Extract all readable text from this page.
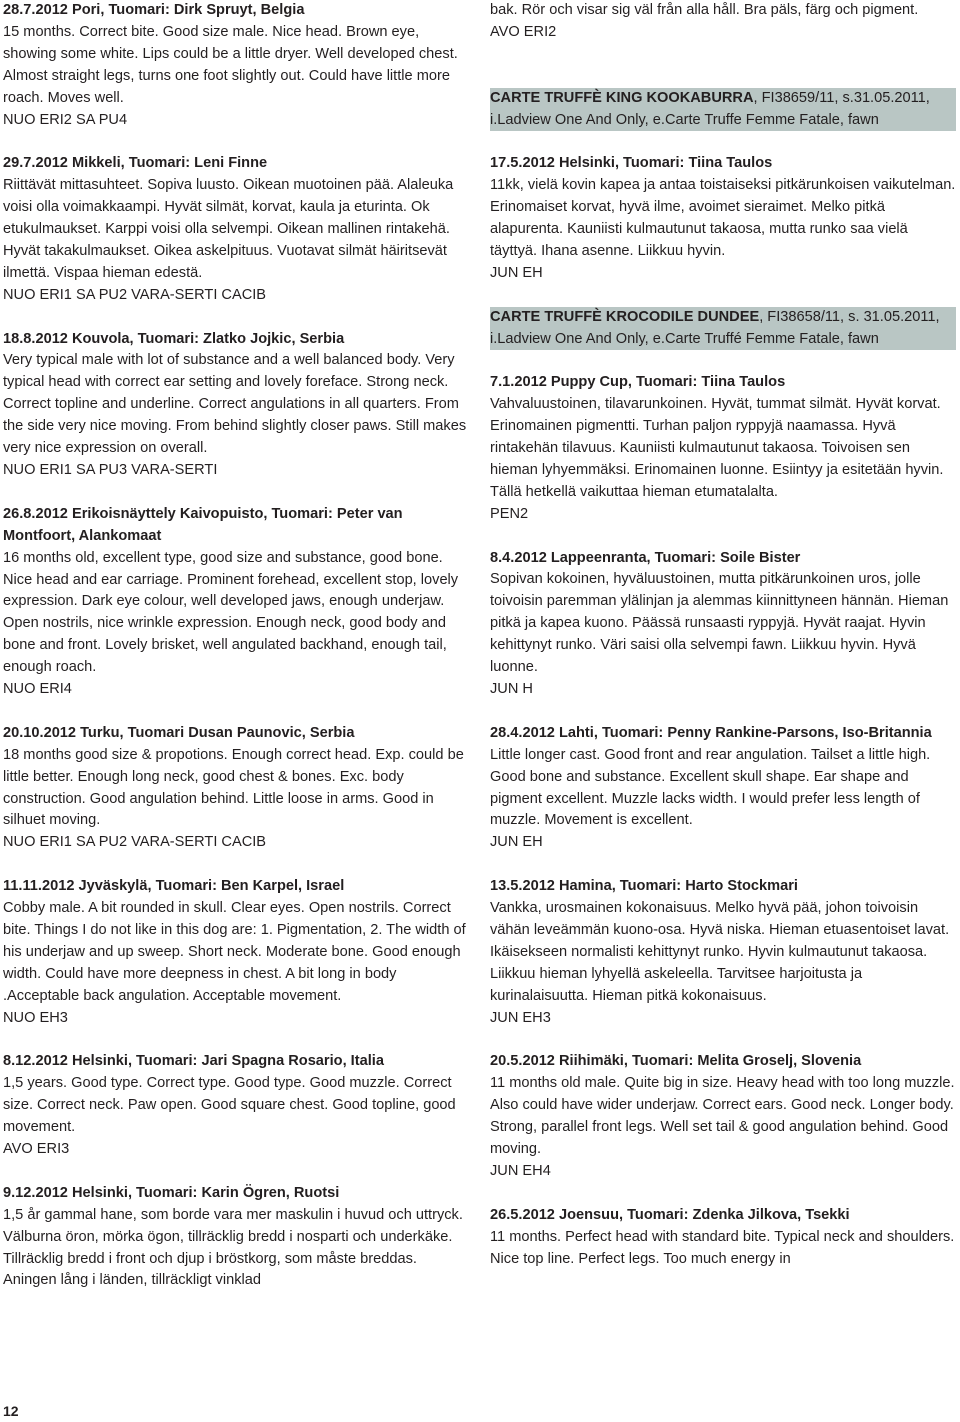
28.7.2012 Pori, Tuomari: Dirk Spruyt, Belgia
15 months. Correct bite. Good size male. Nice head. Brown eye, showing some white. Lips could be a little dryer. Well developed chest. Almost straight legs, turns one foot slightly out. Could have little more roach. Moves well.
NUO ERI2 SA PU4
29.7.2012 Mikkeli, Tuomari: Leni Finne
Riittävät mittasuhteet. Sopiva luusto. Oikean muotoinen pää. Alaleuka voisi olla voimakkaampi. Hyvät silmät, korvat, kaula ja eturinta. Ok etukulmaukset. Karppi voisi olla selvempi. Oikean mallinen rintakehä. Hyvät takakulmaukset. Oikea askelpituus. Vuotavat silmät häiritsevät ilmettä. Vispaa hieman edestä.
NUO ERI1 SA PU2 VARA-SERTI CACIB
18.8.2012 Kouvola, Tuomari: Zlatko Jojkic, Serbia
Very typical male with lot of substance and a well balanced body. Very typical head with correct ear setting and lovely foreface. Strong neck. Correct topline and underline. Correct angulations in all quarters. From the side very nice moving. From behind slightly closer paws. Still makes very nice expression on overall.
NUO ERI1 SA PU3 VARA-SERTI
26.8.2012 Erikoisnäyttely Kaivopuisto, Tuomari: Peter van Montfoort, Alankomaat
16 months old, excellent type, good size and substance, good bone. Nice head and ear carriage. Prominent forehead, excellent stop, lovely expression. Dark eye colour, well developed jaws, enough underjaw. Open nostrils, nice wrinkle expression. Enough neck, good body and bone and front. Lovely brisket, well angulated backhand, enough tail, enough roach.
NUO ERI4
20.10.2012 Turku, Tuomari Dusan Paunovic, Serbia
18 months good size & propotions. Enough correct head. Exp. could be little better. Enough long neck, good chest & bones. Exc. body construction. Good angulation behind. Little loose in arms. Good in silhuet moving.
NUO ERI1 SA PU2 VARA-SERTI CACIB
11.11.2012 Jyväskylä, Tuomari: Ben Karpel, Israel
Cobby male. A bit rounded in skull. Clear eyes. Open nostrils. Correct bite. Things I do not like in this dog are: 1. Pigmentation, 2. The width of his underjaw and up sweep. Short neck. Moderate bone. Good enough width. Could have more deepness in chest. A bit long in body .Acceptable back angulation. Acceptable movement.
NUO EH3
8.12.2012 Helsinki, Tuomari: Jari Spagna Rosario, Italia
1,5 years. Good type. Correct type. Good type. Good muzzle. Correct size. Correct neck. Paw open. Good square chest. Good topline, good movement.
AVO ERI3
9.12.2012 Helsinki, Tuomari: Karin Ögren, Ruotsi
1,5 år gammal hane, som borde vara mer maskulin i huvud och uttryck. Välburna öron, mörka ögon, tillräcklig bredd i nosparti och underkäke. Tillräcklig bredd i front och djup i bröstkorg, som måste breddas. Aningen lång i länden, tillräckligt vinklad
bak. Rör och visar sig väl från alla håll. Bra päls, färg och pigment.
AVO ERI2
CARTE TRUFFÈ KING KOOKABURRA, FI38659/11, s.31.05.2011, i.Ladview One And Only, e.Carte Truffe Femme Fatale, fawn
17.5.2012 Helsinki, Tuomari: Tiina Taulos
11kk, vielä kovin kapea ja antaa toistaiseksi pitkärunkoisen vaikutelman. Erinomaiset korvat, hyvä ilme, avoimet sieraimet. Melko pitkä alapurenta. Kauniisti kulmautunut takaosa, mutta runko saa vielä täyttyä. Ihana asenne. Liikkuu hyvin.
JUN EH
CARTE TRUFFÈ KROCODILE DUNDEE, FI38658/11, s. 31.05.2011, i.Ladview One And Only, e.Carte Truffé Femme Fatale, fawn
7.1.2012 Puppy Cup, Tuomari: Tiina Taulos
Vahvaluustoinen, tilavarunkoinen. Hyvät, tummat silmät. Hyvät korvat. Erinomainen pigmentti. Turhan paljon ryppyjä naamassa. Hyvä rintakehän tilavuus. Kauniisti kulmautunut takaosa. Toivoisen sen hieman lyhyemmäksi. Erinomainen luonne. Esiintyy ja esitetään hyvin. Tällä hetkellä vaikuttaa hieman etumatalalta.
PEN2
8.4.2012 Lappeenranta, Tuomari: Soile Bister
Sopivan kokoinen, hyväluustoinen, mutta pitkärunkoinen uros, jolle toivoisin paremman ylälinjan ja alemmas kiinnittyneen hännän. Hieman pitkä ja kapea kuono. Päässä runsaasti ryppyjä. Hyvät raajat. Hyvin kehittynyt runko. Väri saisi olla selvempi fawn. Liikkuu hyvin. Hyvä luonne.
JUN H
28.4.2012 Lahti, Tuomari: Penny Rankine-Parsons, Iso-Britannia
Little longer cast. Good front and rear angulation. Tailset a little high. Good bone and substance. Excellent skull shape. Ear shape and pigment excellent. Muzzle lacks width. I would prefer less length of muzzle. Movement is excellent.
JUN EH
13.5.2012 Hamina, Tuomari: Harto Stockmari
Vankka, urosmainen kokonaisuus. Melko hyvä pää, johon toivoisin vähän leveämmän kuono-osa. Hyvä niska. Hieman etuasentoiset lavat. Ikäisekseen normalisti kehittynyt runko. Hyvin kulmautunut takaosa. Liikkuu hieman lyhyellä askeleella. Tarvitsee harjoitusta ja kurinalaisuutta. Hieman pitkä kokonaisuus.
JUN EH3
20.5.2012 Riihimäki, Tuomari: Melita Groselj, Slovenia
11 months old male. Quite big in size. Heavy head with too long muzzle. Also could have wider underjaw. Correct ears. Good neck. Longer body. Strong, parallel front legs. Well set tail & good angulation behind. Good moving.
JUN EH4
26.5.2012 Joensuu, Tuomari: Zdenka Jilkova, Tsekki
11 months. Perfect head with standard bite. Typical neck and shoulders. Nice top line. Perfect legs. Too much energy in
12
